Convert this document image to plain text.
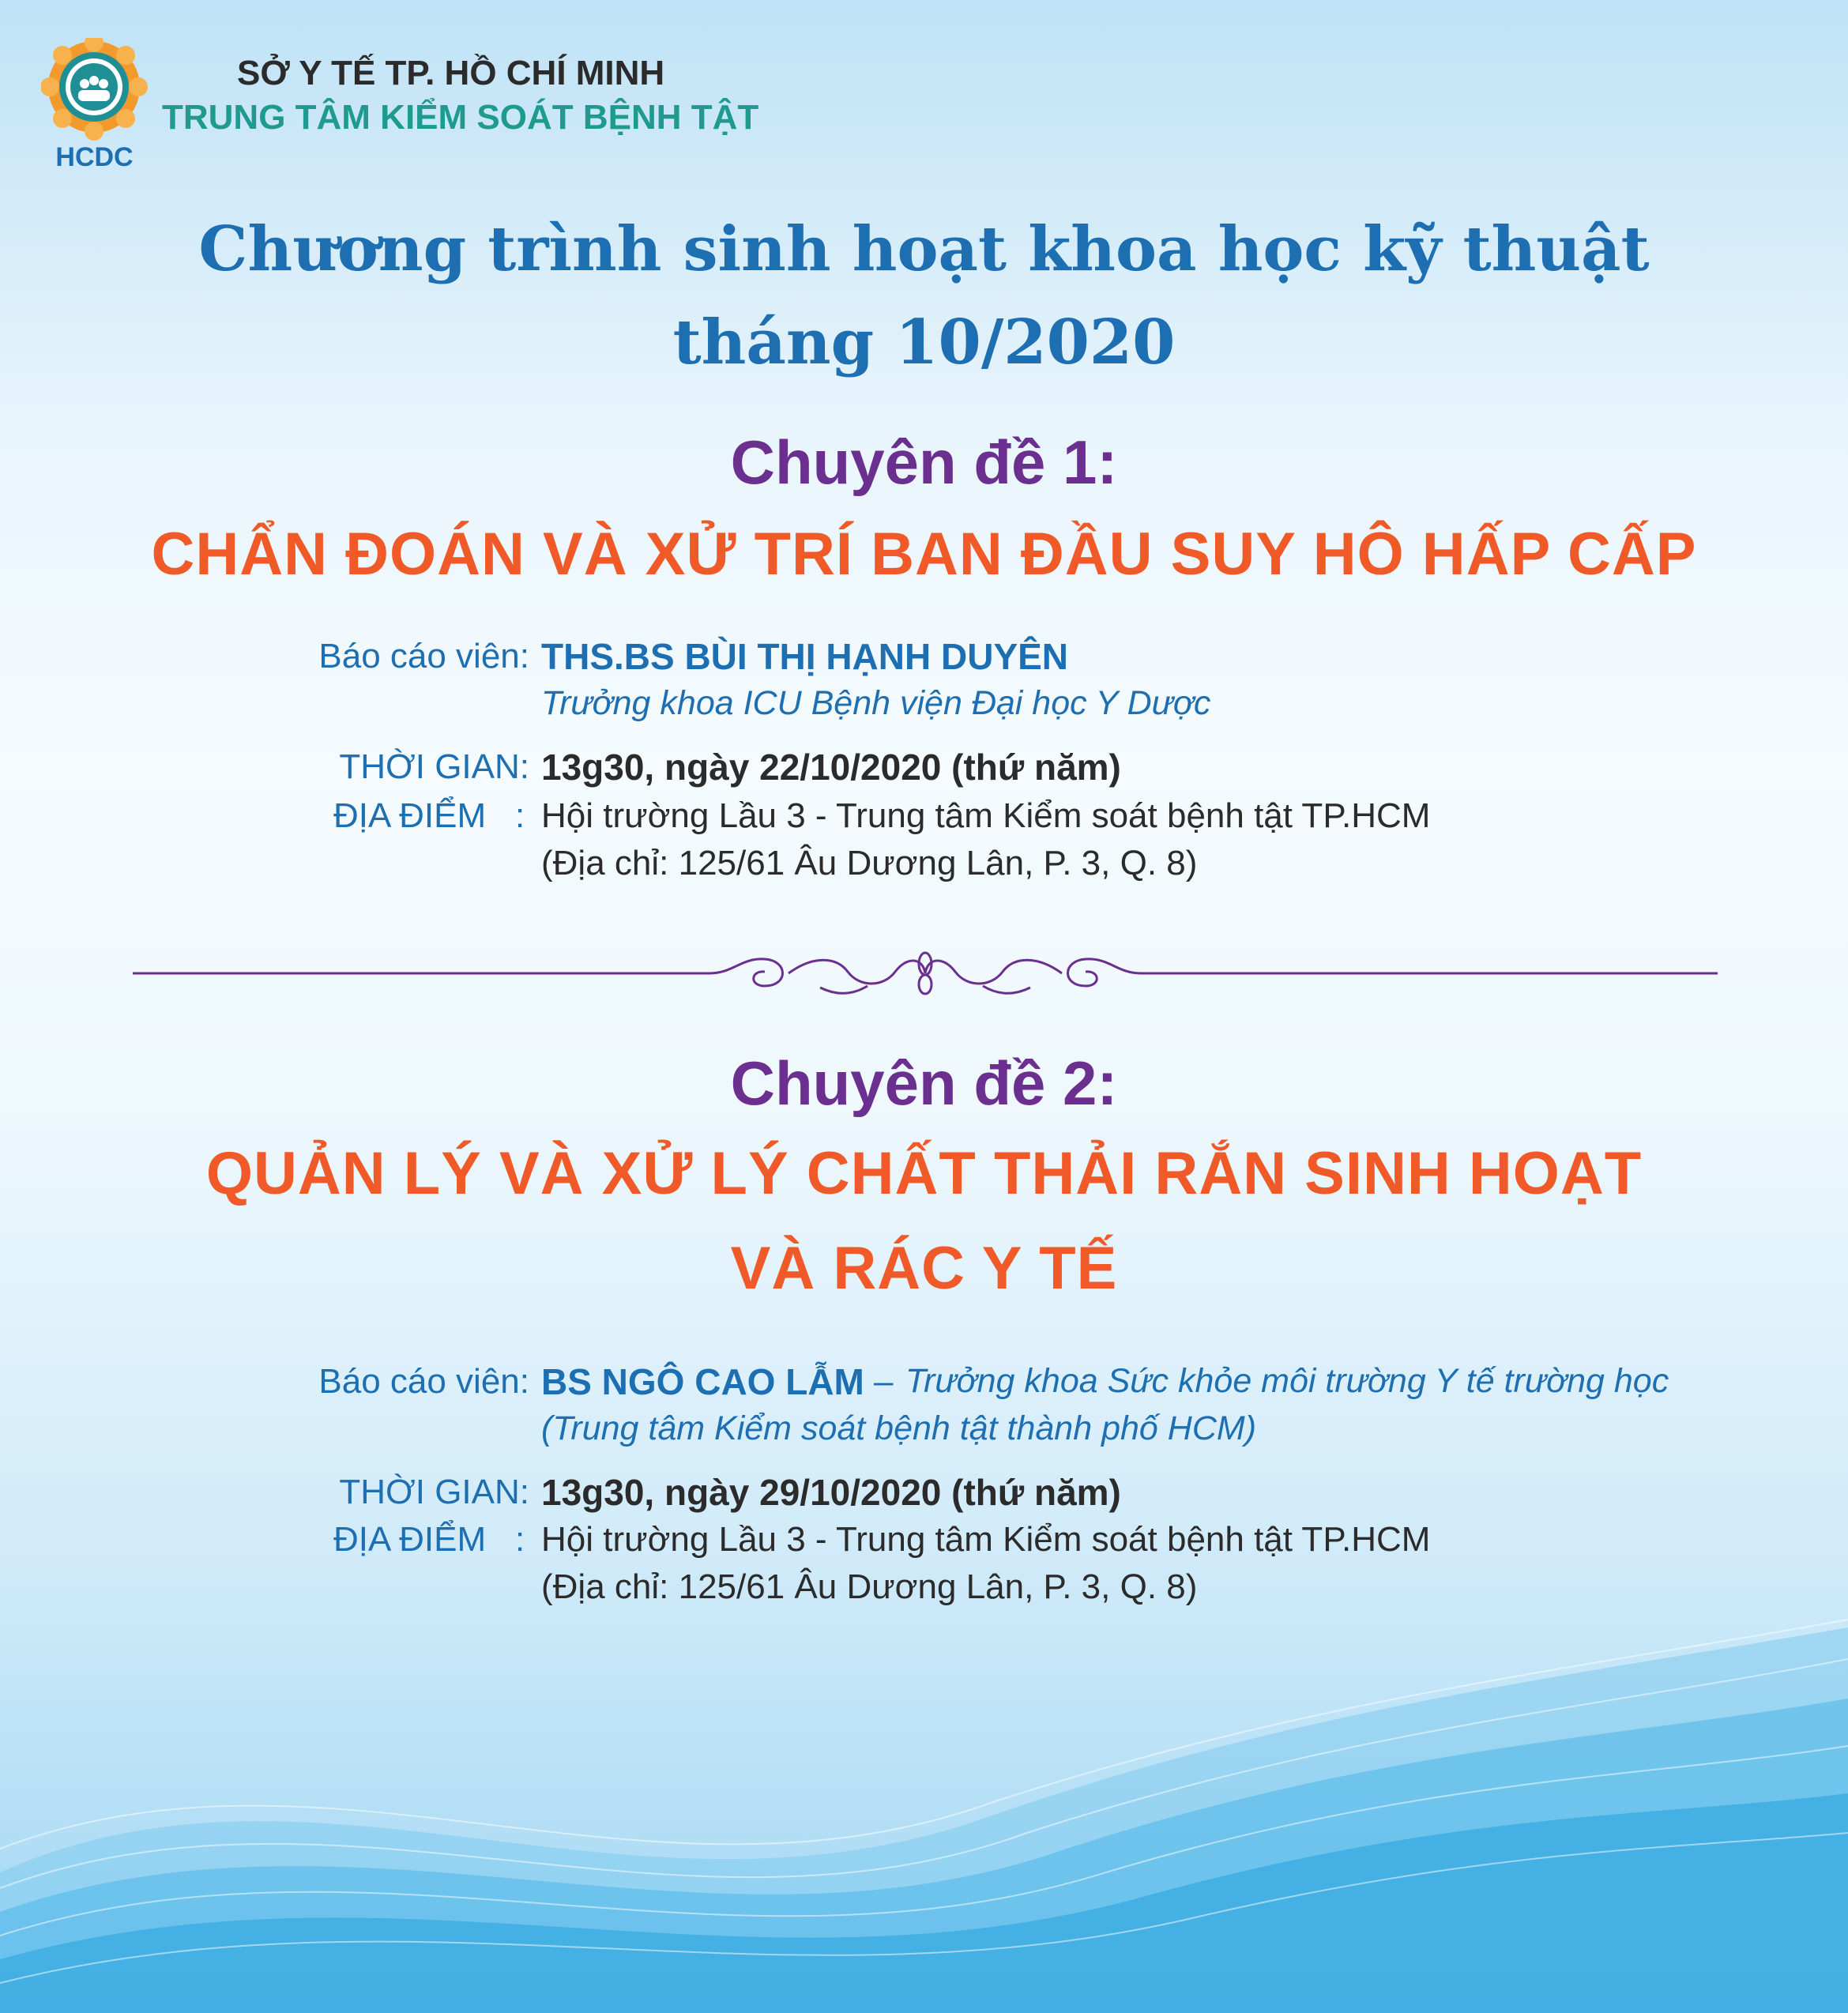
HCDC
SỞ Y TẾ TP. HỒ CHÍ MINH
TRUNG TÂM KIỂM SOÁT BỆNH TẬT
Chương trình sinh hoạt khoa học kỹ thuật
tháng 10/2020
Chuyên đề 1:
CHẨN ĐOÁN VÀ XỬ TRÍ BAN ĐẦU SUY HÔ HẤP CẤP
Báo cáo viên: THS.BS BÙI THỊ HẠNH DUYÊN
Trưởng khoa ICU Bệnh viện Đại học Y Dược
THỜI GIAN: 13g30, ngày 22/10/2020 (thứ năm)
ĐỊA ĐIỂM : Hội trường Lầu 3 - Trung tâm Kiểm soát bệnh tật TP.HCM
(Địa chỉ: 125/61 Âu Dương Lân, P. 3, Q. 8)
Chuyên đề 2:
QUẢN LÝ VÀ XỬ LÝ CHẤT THẢI RẮN SINH HOẠT
VÀ RÁC Y TẾ
Báo cáo viên: BS NGÔ CAO LẪM – Trưởng khoa Sức khỏe môi trường Y tế trường học
(Trung tâm Kiểm soát bệnh tật thành phố HCM)
THỜI GIAN: 13g30, ngày 29/10/2020 (thứ năm)
ĐỊA ĐIỂM : Hội trường Lầu 3 - Trung tâm Kiểm soát bệnh tật TP.HCM
(Địa chỉ: 125/61 Âu Dương Lân, P. 3, Q. 8)
